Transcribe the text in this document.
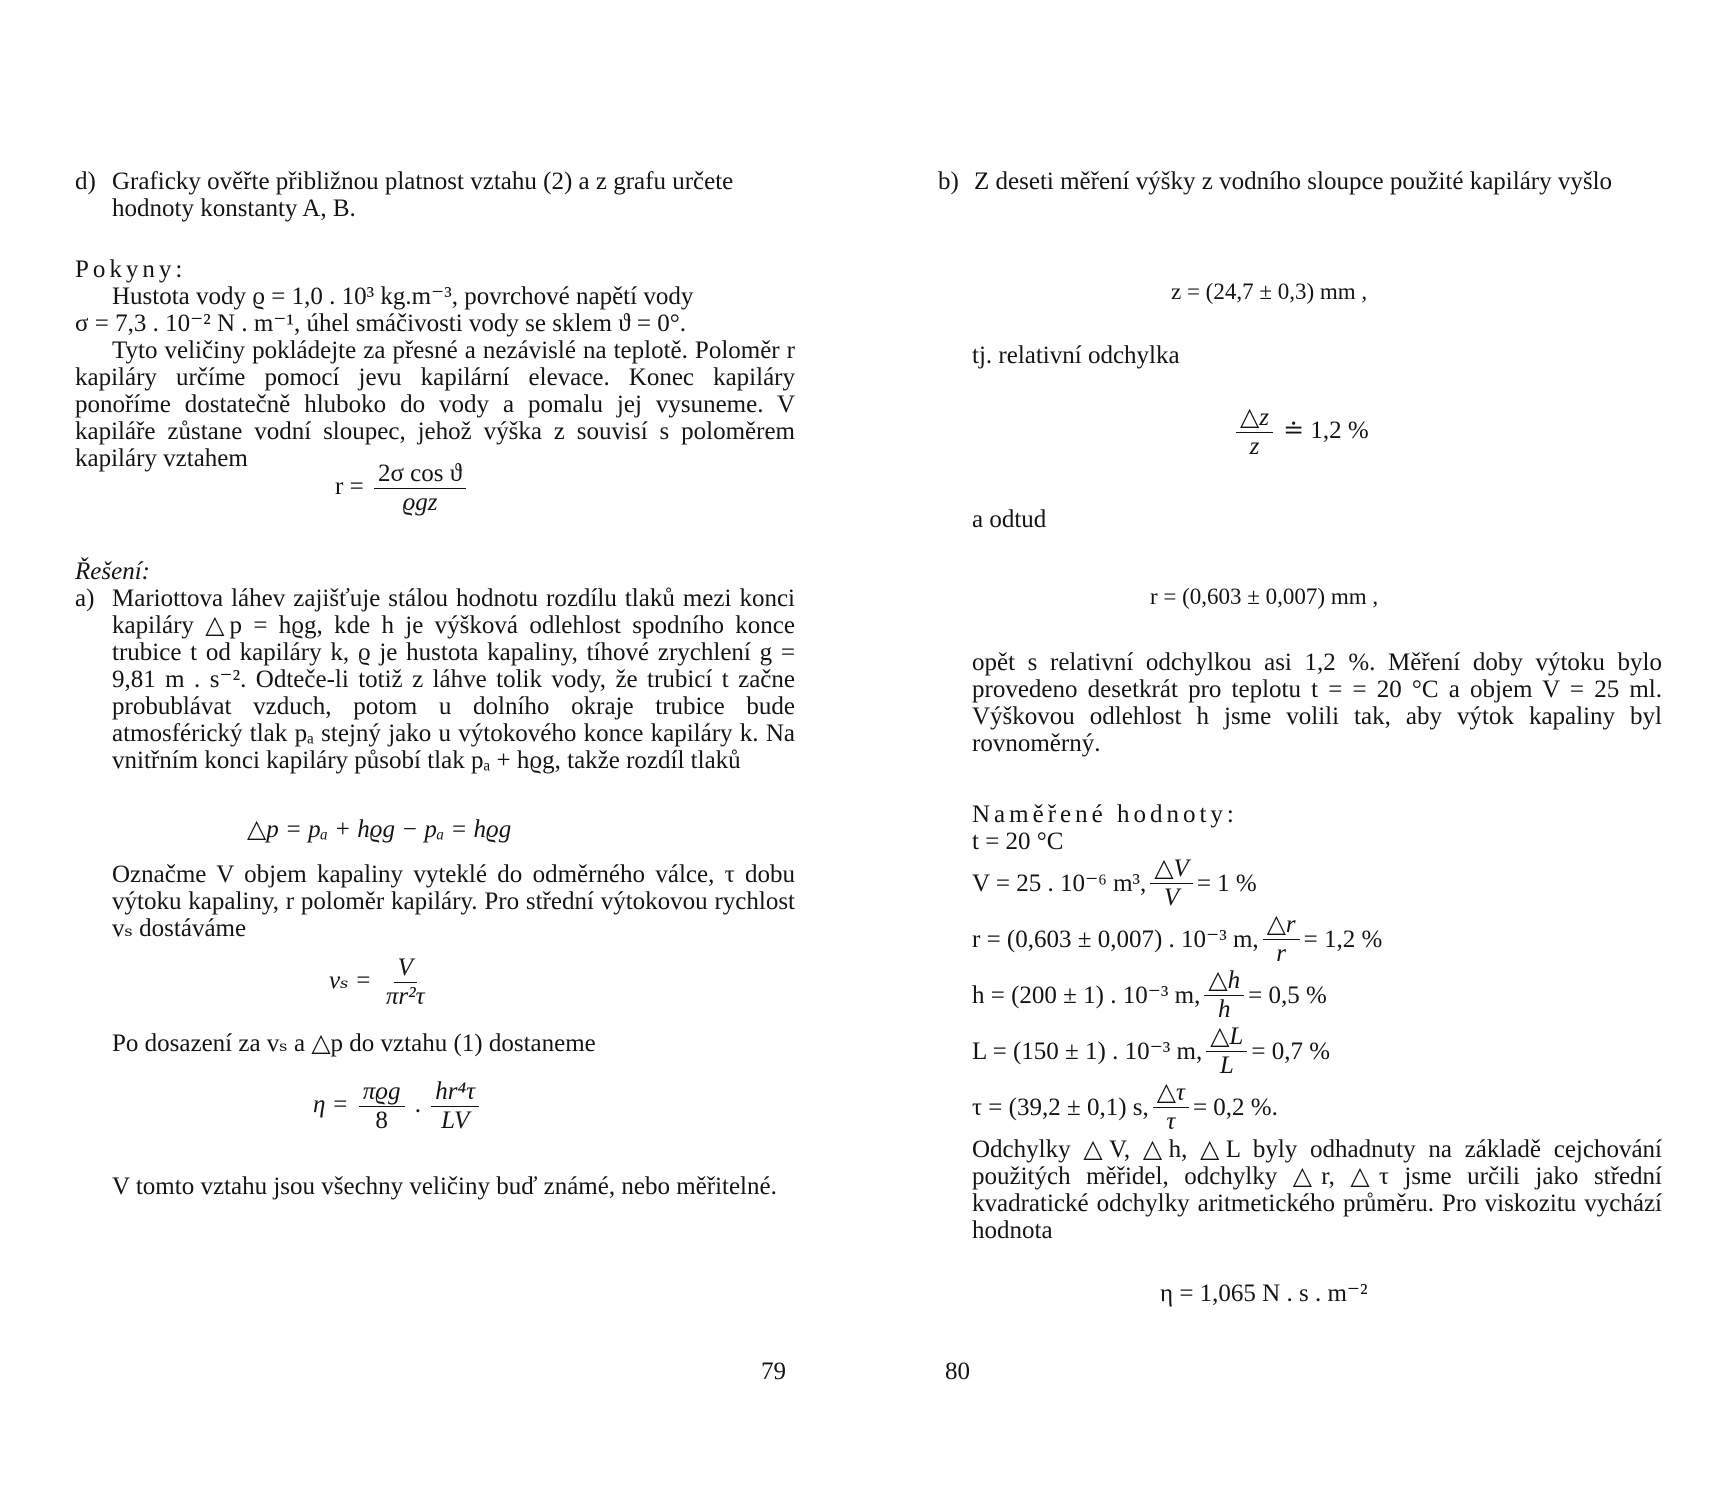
d) Graficky ověřte přibližnou platnost vztahu (2) a z grafu určete hodnoty konstanty A, B.
Pokyny:
Hustota vody ϱ = 1,0 . 10³ kg.m⁻³, povrchové napětí vody
σ = 7,3 . 10⁻² N . m⁻¹, úhel smáčivosti vody se sklem ϑ = 0°.
Tyto veličiny pokládejte za přesné a nezávislé na teplotě. Poloměr r kapiláry určíme pomocí jevu kapilární elevace. Konec kapiláry ponoříme dostatečně hluboko do vody a pomalu jej vysuneme. V kapiláře zůstane vodní sloupec, jehož výška z souvisí s poloměrem kapiláry vztahem
$r = \frac{\text{2σ cos ϑ}}{\text{ϱgz}}$
Řešení:
a) Mariottova láhev zajišťuje stálou hodnotu rozdílu tlaků mezi konci kapiláry △p = hϱg, kde h je výšková odlehlost spodního konce trubice t od kapiláry k, ϱ je hustota kapaliny, tíhové zrychlení g = 9,81 m . s⁻². Odteče-li totiž z láhve tolik vody, že trubicí t začne probublávat vzduch, potom u dolního okraje trubice bude atmosférický tlak pₐ stejný jako u výtokového konce kapiláry k. Na vnitřním konci kapiláry působí tlak pₐ + hϱg, takže rozdíl tlaků
△p = pₐ + hϱg − pₐ = hϱg
Označme V objem kapaliny vyteklé do odměrného válce, τ dobu výtoku kapaliny, r poloměr kapiláry. Pro střední výtokovou rychlost vₛ dostáváme
$v_s = \frac{V}{\text{πr²τ}}$
Po dosazení za vₛ a △p do vztahu (1) dostaneme
$\eta = \frac{\text{πϱg}}{8}$ . $\frac{\text{hr⁴τ}}{LV}$
V tomto vztahu jsou všechny veličiny buď známé, nebo měřitelné.
79
b) Z deseti měření výšky z vodního sloupce použité kapiláry vyšlo
z = (24,7 ± 0,3) mm ,
tj. relativní odchylka
$\frac{\triangle z}{z}$ ≐ 1,2 %
a odtud
r = (0,603 ± 0,007) mm ,
opět s relativní odchylkou asi 1,2 %. Měření doby výtoku bylo provedeno desetkrát pro teplotu t = = 20 °C a objem V = 25 ml. Výškovou odlehlost h jsme volili tak, aby výtok kapaliny byl rovnoměrný.
Naměřené hodnoty:
t = 20 °C
V = 25 . 10⁻⁶ m³, $\frac{\triangle V}{V} = 1$ %
r = (0,603 ± 0,007) . 10⁻³ m, $\frac{\triangle r}{r} = 1,2$ %
h = (200 ± 1) . 10⁻³ m, $\frac{\triangle h}{h} = 0,5$ %
L = (150 ± 1) . 10⁻³ m, $\frac{\triangle L}{L} = 0,7$ %
τ = (39,2 ± 0,1) s, $\frac{\triangle\tau}{\tau} = 0,2$ %.
Odchylky △V, △h, △L byly odhadnuty na základě cejchování použitých měřidel, odchylky △r, △τ jsme určili jako střední kvadratické odchylky aritmetického průměru. Pro viskozitu vychází hodnota
η = 1,065 N . s . m⁻²
80
